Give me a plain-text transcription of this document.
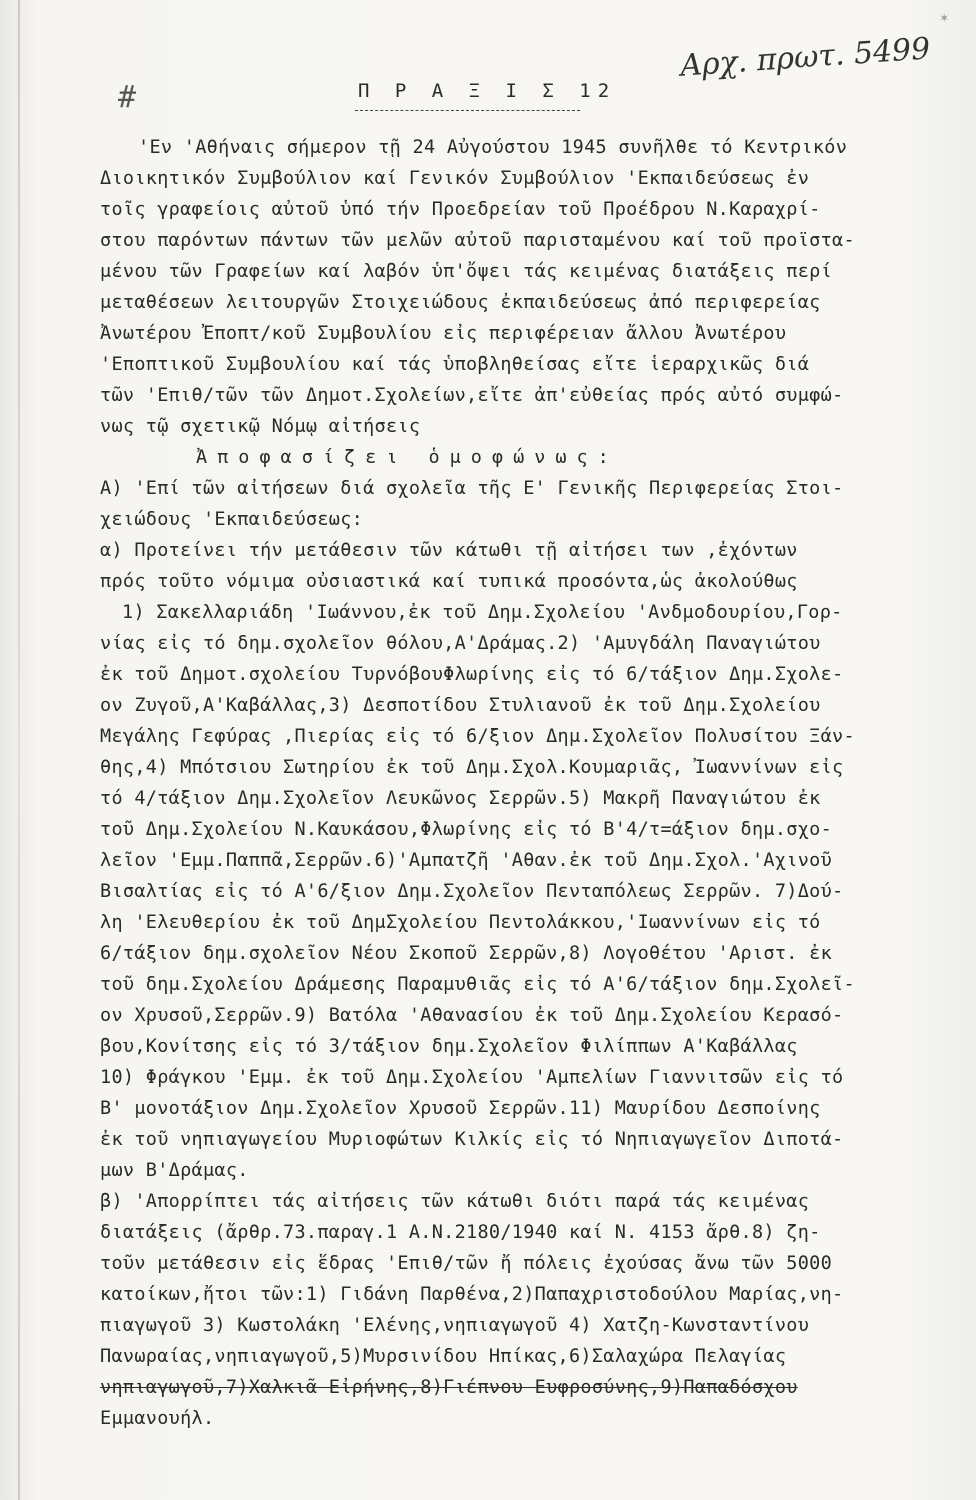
✶
#	Π Ρ Α Ξ Ι Σ 12
Αρχ. πρωτ. 5499
'Εν 'Αθήναις σήμερον τῇ 24 Αὐγούστου 1945 συνῆλθε τό Κεντρικόν
Διοικητικόν Συμβούλιον καί Γενικόν Συμβούλιον 'Εκπαιδεύσεως ἐν
τοῖς γραφείοις αὐτοῦ ὑπό τήν Προεδρείαν τοῦ Προέδρου Ν.Καραχρί-
στου παρόντων πάντων τῶν μελῶν αὐτοῦ παρισταμένου καί τοῦ προϊστα-
μένου τῶν Γραφείων καί λαβόν ὑπ'ὄψει τάς κειμένας διατάξεις περί
μεταθέσεων λειτουργῶν Στοιχειώδους ἐκπαιδεύσεως ἀπό περιφερείας
Ἀνωτέρου Ἐποπτ/κοῦ Συμβουλίου εἰς περιφέρειαν ἄλλου Ἀνωτέρου
'Εποπτικοῦ Συμβουλίου καί τάς ὑποβληθείσας εἴτε ἱεραρχικῶς διά
τῶν 'Επιθ/τῶν τῶν Δημοτ.Σχολείων,εἴτε ἀπ'εὐθείας πρός αὐτό συμφώ-
νως τῷ σχετικῷ Νόμῳ αἰτήσεις
Ἀποφασίζει ὁμοφώνως:
Α) 'Επί τῶν αἰτήσεων διά σχολεῖα τῆς Ε' Γενικῆς Περιφερείας Στοι-
χειώδους 'Εκπαιδεύσεως:
α) Προτείνει τήν μετάθεσιν τῶν κάτωθι τῇ αἰτήσει των ,ἐχόντων
πρός τοῦτο νόμιμα οὐσιαστικά καί τυπικά προσόντα,ὡς ἀκολούθως
1) Σακελλαριάδη 'Ιωάννου,ἐκ τοῦ Δημ.Σχολείου 'Ανδμοδουρίου,Γορ-
νίας εἰς τό δημ.σχολεῖον θόλου,Α'Δράμας.2) 'Αμυγδάλη Παναγιώτου
ἐκ τοῦ Δημοτ.σχολείου ΤυρνόβουΦλωρίνης εἰς τό 6/τάξιον Δημ.Σχολε-
ον Ζυγοῦ,Α'Καβάλλας,3) Δεσποτίδου Στυλιανοῦ ἐκ τοῦ Δημ.Σχολείου
Μεγάλης Γεφύρας ,Πιερίας εἰς τό 6/ξιον Δημ.Σχολεῖον Πολυσίτου Ξάν-
θης,4) Μπότσιου Σωτηρίου ἐκ τοῦ Δημ.Σχολ.Κουμαριᾶς, Ἰωαννίνων εἰς
τό 4/τάξιον Δημ.Σχολεῖον Λευκῶνος Σερρῶν.5) Μακρῆ Παναγιώτου ἐκ
τοῦ Δημ.Σχολείου Ν.Καυκάσου,Φλωρίνης εἰς τό Β'4/τ=άξιον δημ.σχο-
λεῖον 'Εμμ.Παππᾶ,Σερρῶν.6)'Αμπατζῆ 'Αθαν.ἐκ τοῦ Δημ.Σχολ.'Αχινοῦ
Βισαλτίας εἰς τό Α'6/ξιον Δημ.Σχολεῖον Πενταπόλεως Σερρῶν. 7)Δού-
λη 'Ελευθερίου ἐκ τοῦ ΔημΣχολείου Πεντολάκκου,'Ιωαννίνων εἰς τό
6/τάξιον δημ.σχολεῖον Νέου Σκοποῦ Σερρῶν,8) Λογοθέτου 'Αριστ. ἐκ
τοῦ δημ.Σχολείου Δράμεσης Παραμυθιᾶς εἰς τό Α'6/τάξιον δημ.Σχολεῖ-
ον Χρυσοῦ,Σερρῶν.9) Βατόλα 'Αθανασίου ἐκ τοῦ Δημ.Σχολείου Κερασό-
βου,Κονίτσης εἰς τό 3/τάξιον δημ.Σχολεῖον Φιλίππων Α'Καβάλλας
10) Φράγκου 'Εμμ. ἐκ τοῦ Δημ.Σχολείου 'Αμπελίων Γιαννιτσῶν εἰς τό
Β' μονοτάξιον Δημ.Σχολεῖον Χρυσοῦ Σερρῶν.11) Μαυρίδου Δεσποίνης
ἐκ τοῦ νηπιαγωγείου Μυριοφώτων Κιλκίς εἰς τό Νηπιαγωγεῖον Διποτά-
μων Β'Δράμας.
β) 'Απορρίπτει τάς αἰτήσεις τῶν κάτωθι διότι παρά τάς κειμένας
διατάξεις (ἄρθρ.73.παραγ.1 Α.Ν.2180/1940 καί Ν. 4153 ἄρθ.8) ζη-
τοῦν μετάθεσιν εἰς ἕδρας 'Επιθ/τῶν ἤ πόλεις ἐχούσας ἄνω τῶν 5000
κατοίκων,ἤτοι τῶν:1) Γιδάνη Παρθένα,2)Παπαχριστοδούλου Μαρίας,νη-
πιαγωγοῦ 3) Κωστολάκη 'Ελένης,νηπιαγωγοῦ 4) Χατζη-Κωνσταντίνου
Πανωραίας,νηπιαγωγοῦ,5)Μυρσινίδου Ηπίκας,6)Σαλαχώρα Πελαγίας
νηπιαγωγοῦ,7)Χαλκιᾶ Εἰρήνης,8)Γιέπνου Ευφροσύνης,9)Παπαδόσχου
Εμμανουήλ.
